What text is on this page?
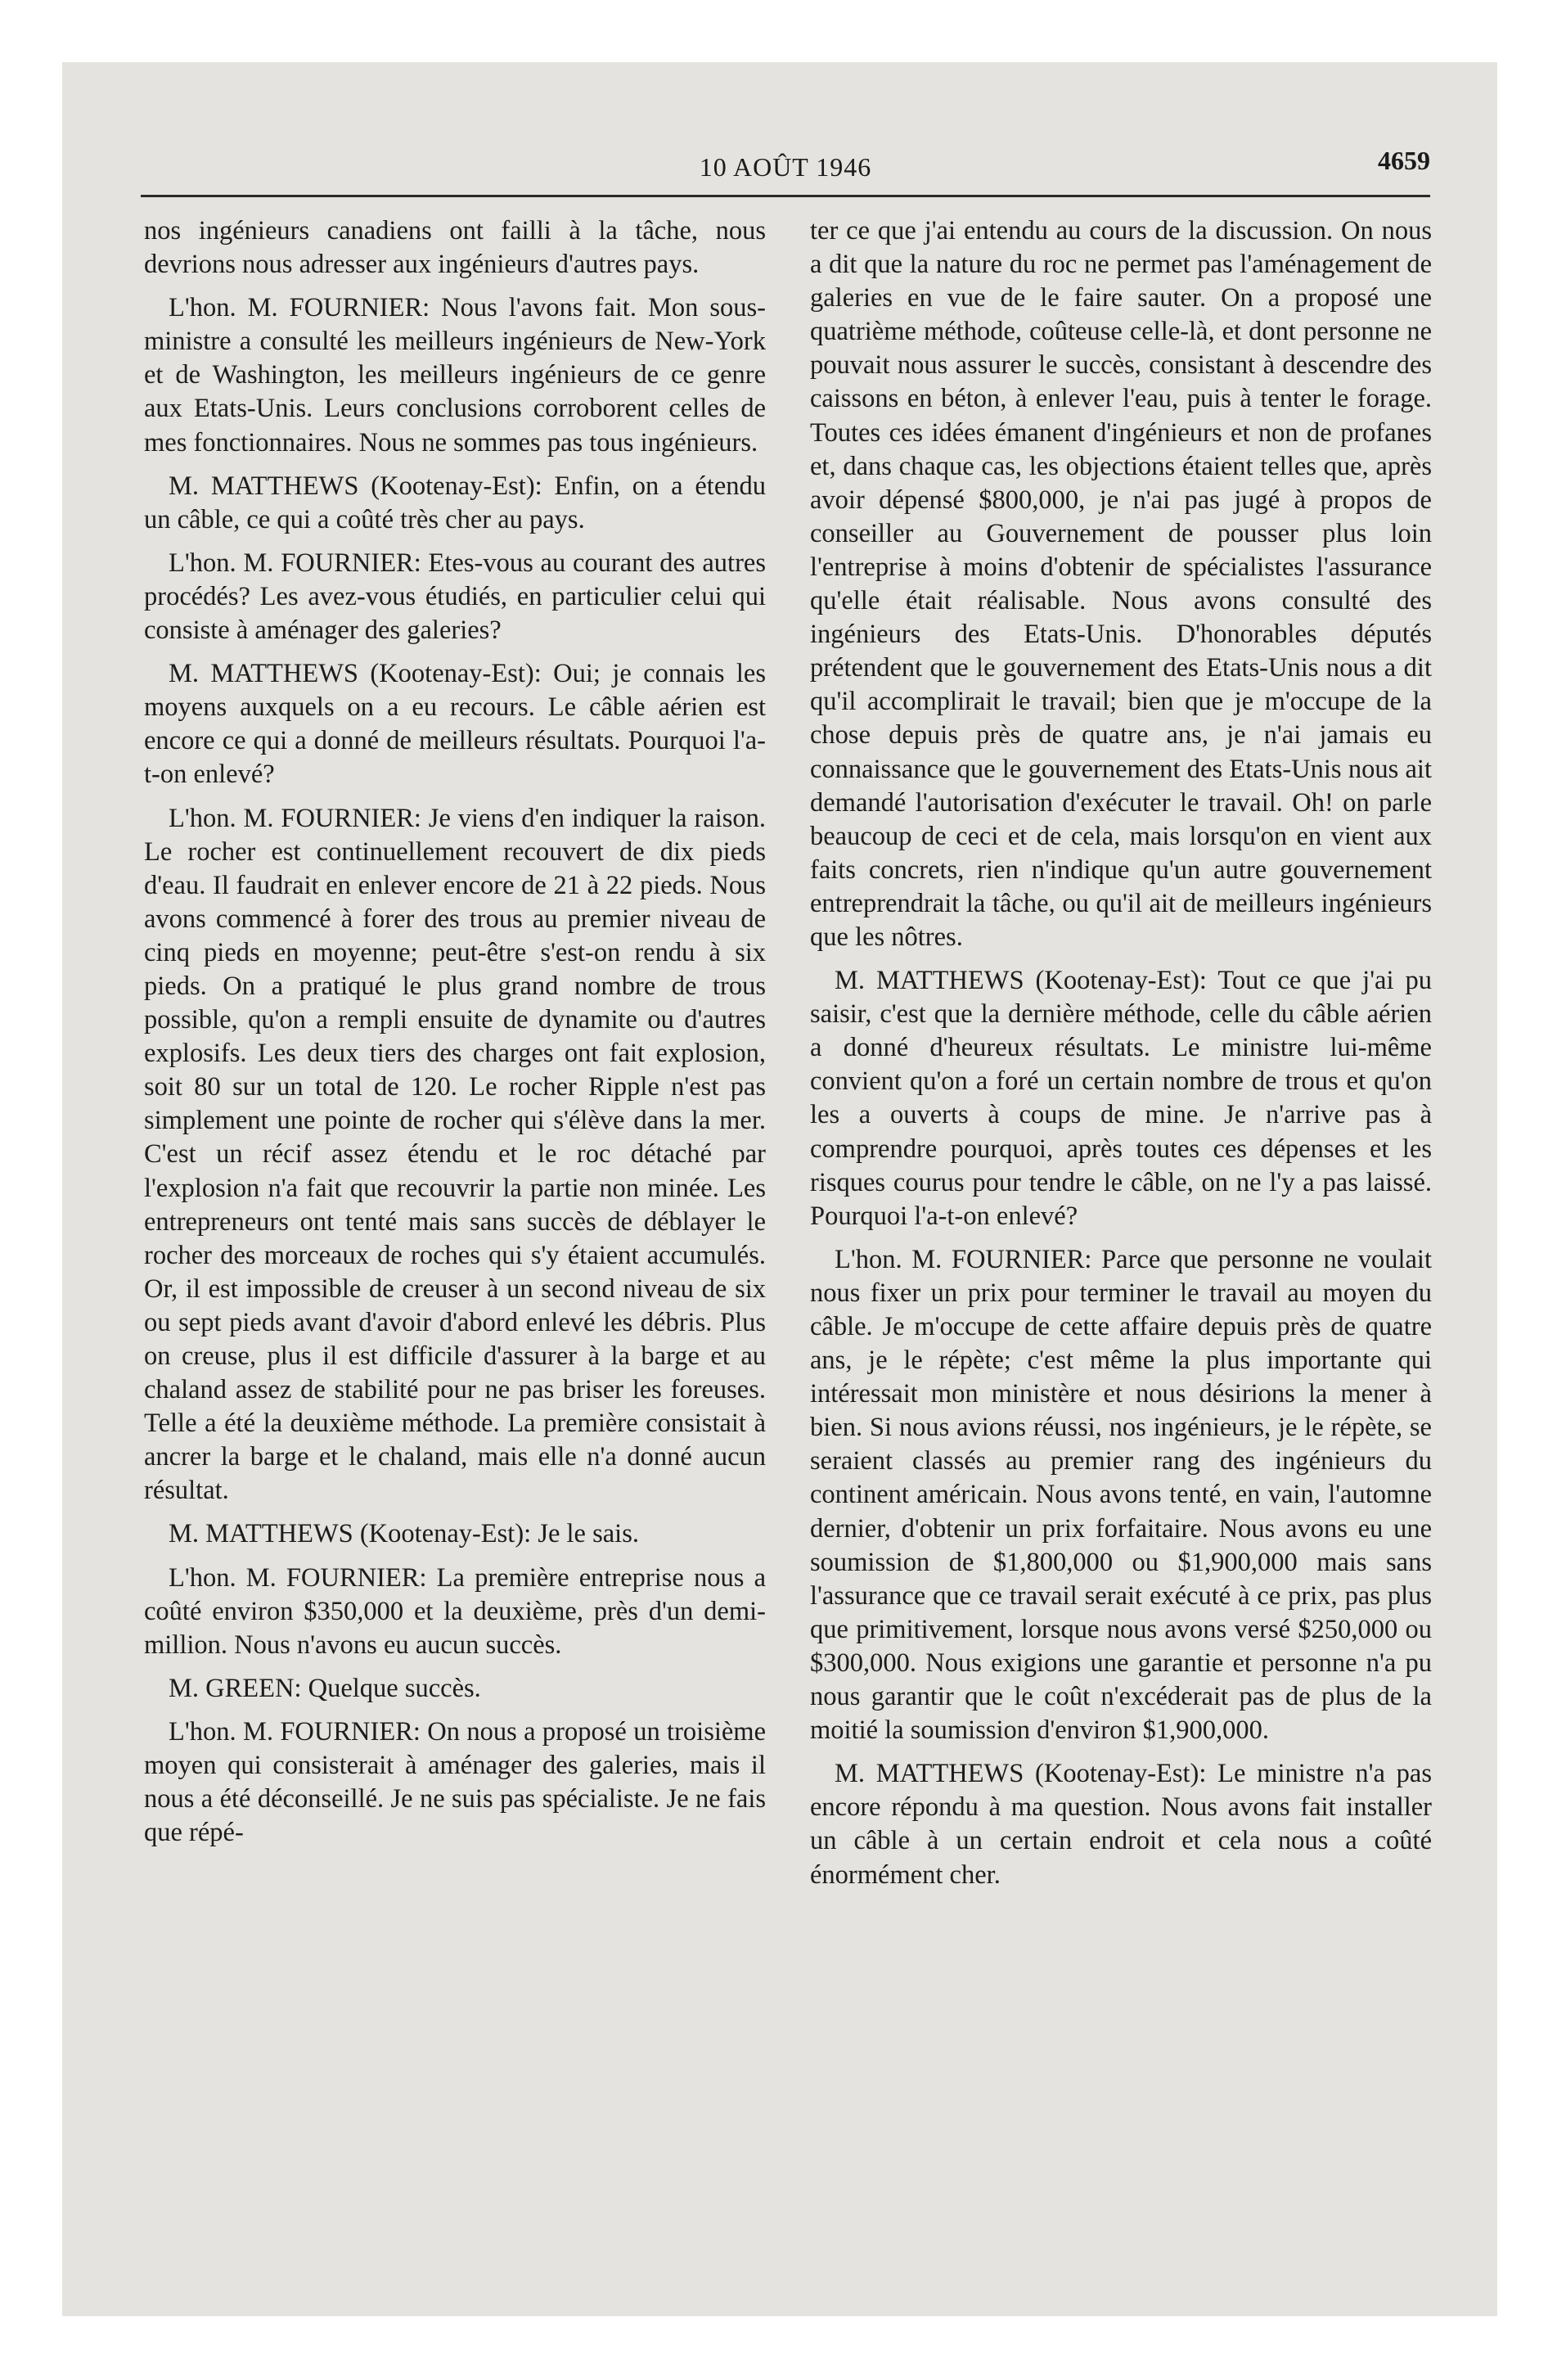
10 AOÛT 1946	4659

nos ingénieurs canadiens ont failli à la tâche, nous devrions nous adresser aux ingénieurs d'autres pays.

L'hon. M. FOURNIER: Nous l'avons fait. Mon sous-ministre a consulté les meilleurs ingénieurs de New-York et de Washington, les meilleurs ingénieurs de ce genre aux Etats-Unis. Leurs conclusions corroborent celles de mes fonctionnaires. Nous ne sommes pas tous ingénieurs.

M. MATTHEWS (Kootenay-Est): Enfin, on a étendu un câble, ce qui a coûté très cher au pays.

L'hon. M. FOURNIER: Etes-vous au courant des autres procédés? Les avez-vous étudiés, en particulier celui qui consiste à aménager des galeries?

M. MATTHEWS (Kootenay-Est): Oui; je connais les moyens auxquels on a eu recours. Le câble aérien est encore ce qui a donné de meilleurs résultats. Pourquoi l'a-t-on enlevé?

L'hon. M. FOURNIER: Je viens d'en indiquer la raison. Le rocher est continuellement recouvert de dix pieds d'eau. Il faudrait en enlever encore de 21 à 22 pieds. Nous avons commencé à forer des trous au premier niveau de cinq pieds en moyenne; peut-être s'est-on rendu à six pieds. On a pratiqué le plus grand nombre de trous possible, qu'on a rempli ensuite de dynamite ou d'autres explosifs. Les deux tiers des charges ont fait explosion, soit 80 sur un total de 120. Le rocher Ripple n'est pas simplement une pointe de rocher qui s'élève dans la mer. C'est un récif assez étendu et le roc détaché par l'explosion n'a fait que recouvrir la partie non minée. Les entrepreneurs ont tenté mais sans succès de déblayer le rocher des morceaux de roches qui s'y étaient accumulés. Or, il est impossible de creuser à un second niveau de six ou sept pieds avant d'avoir d'abord enlevé les débris. Plus on creuse, plus il est difficile d'assurer à la barge et au chaland assez de stabilité pour ne pas briser les foreuses. Telle a été la deuxième méthode. La première consistait à ancrer la barge et le chaland, mais elle n'a donné aucun résultat.

M. MATTHEWS (Kootenay-Est): Je le sais.

L'hon. M. FOURNIER: La première entreprise nous a coûté environ $350,000 et la deuxième, près d'un demi-million. Nous n'avons eu aucun succès.

M. GREEN: Quelque succès.

L'hon. M. FOURNIER: On nous a proposé un troisième moyen qui consisterait à aménager des galeries, mais il nous a été déconseillé. Je ne suis pas spécialiste. Je ne fais que répé-

ter ce que j'ai entendu au cours de la discussion. On nous a dit que la nature du roc ne permet pas l'aménagement de galeries en vue de le faire sauter. On a proposé une quatrième méthode, coûteuse celle-là, et dont personne ne pouvait nous assurer le succès, consistant à descendre des caissons en béton, à enlever l'eau, puis à tenter le forage. Toutes ces idées émanent d'ingénieurs et non de profanes et, dans chaque cas, les objections étaient telles que, après avoir dépensé $800,000, je n'ai pas jugé à propos de conseiller au Gouvernement de pousser plus loin l'entreprise à moins d'obtenir de spécialistes l'assurance qu'elle était réalisable. Nous avons consulté des ingénieurs des Etats-Unis. D'honorables députés prétendent que le gouvernement des Etats-Unis nous a dit qu'il accomplirait le travail; bien que je m'occupe de la chose depuis près de quatre ans, je n'ai jamais eu connaissance que le gouvernement des Etats-Unis nous ait demandé l'autorisation d'exécuter le travail. Oh! on parle beaucoup de ceci et de cela, mais lorsqu'on en vient aux faits concrets, rien n'indique qu'un autre gouvernement entreprendrait la tâche, ou qu'il ait de meilleurs ingénieurs que les nôtres.

M. MATTHEWS (Kootenay-Est): Tout ce que j'ai pu saisir, c'est que la dernière méthode, celle du câble aérien a donné d'heureux résultats. Le ministre lui-même convient qu'on a foré un certain nombre de trous et qu'on les a ouverts à coups de mine. Je n'arrive pas à comprendre pourquoi, après toutes ces dépenses et les risques courus pour tendre le câble, on ne l'y a pas laissé. Pourquoi l'a-t-on enlevé?

L'hon. M. FOURNIER: Parce que personne ne voulait nous fixer un prix pour terminer le travail au moyen du câble. Je m'occupe de cette affaire depuis près de quatre ans, je le répète; c'est même la plus importante qui intéressait mon ministère et nous désirions la mener à bien. Si nous avions réussi, nos ingénieurs, je le répète, se seraient classés au premier rang des ingénieurs du continent américain. Nous avons tenté, en vain, l'automne dernier, d'obtenir un prix forfaitaire. Nous avons eu une soumission de $1,800,000 ou $1,900,000 mais sans l'assurance que ce travail serait exécuté à ce prix, pas plus que primitivement, lorsque nous avons versé $250,000 ou $300,000. Nous exigions une garantie et personne n'a pu nous garantir que le coût n'excéderait pas de plus de la moitié la soumission d'environ $1,900,000.

M. MATTHEWS (Kootenay-Est): Le ministre n'a pas encore répondu à ma question. Nous avons fait installer un câble à un certain endroit et cela nous a coûté énormément cher.
